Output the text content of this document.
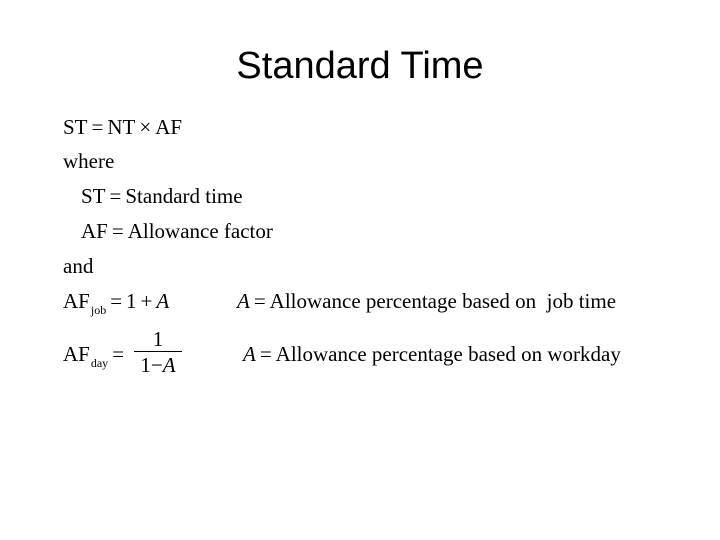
Standard Time
ST = NT × AF
where
ST = Standard time
AF = Allowance factor
and
$AF_{job} = 1 + A$	A = Allowance percentage based on  job time
$AF_{day}$ =
1
1−A	A = Allowance percentage based on workday
